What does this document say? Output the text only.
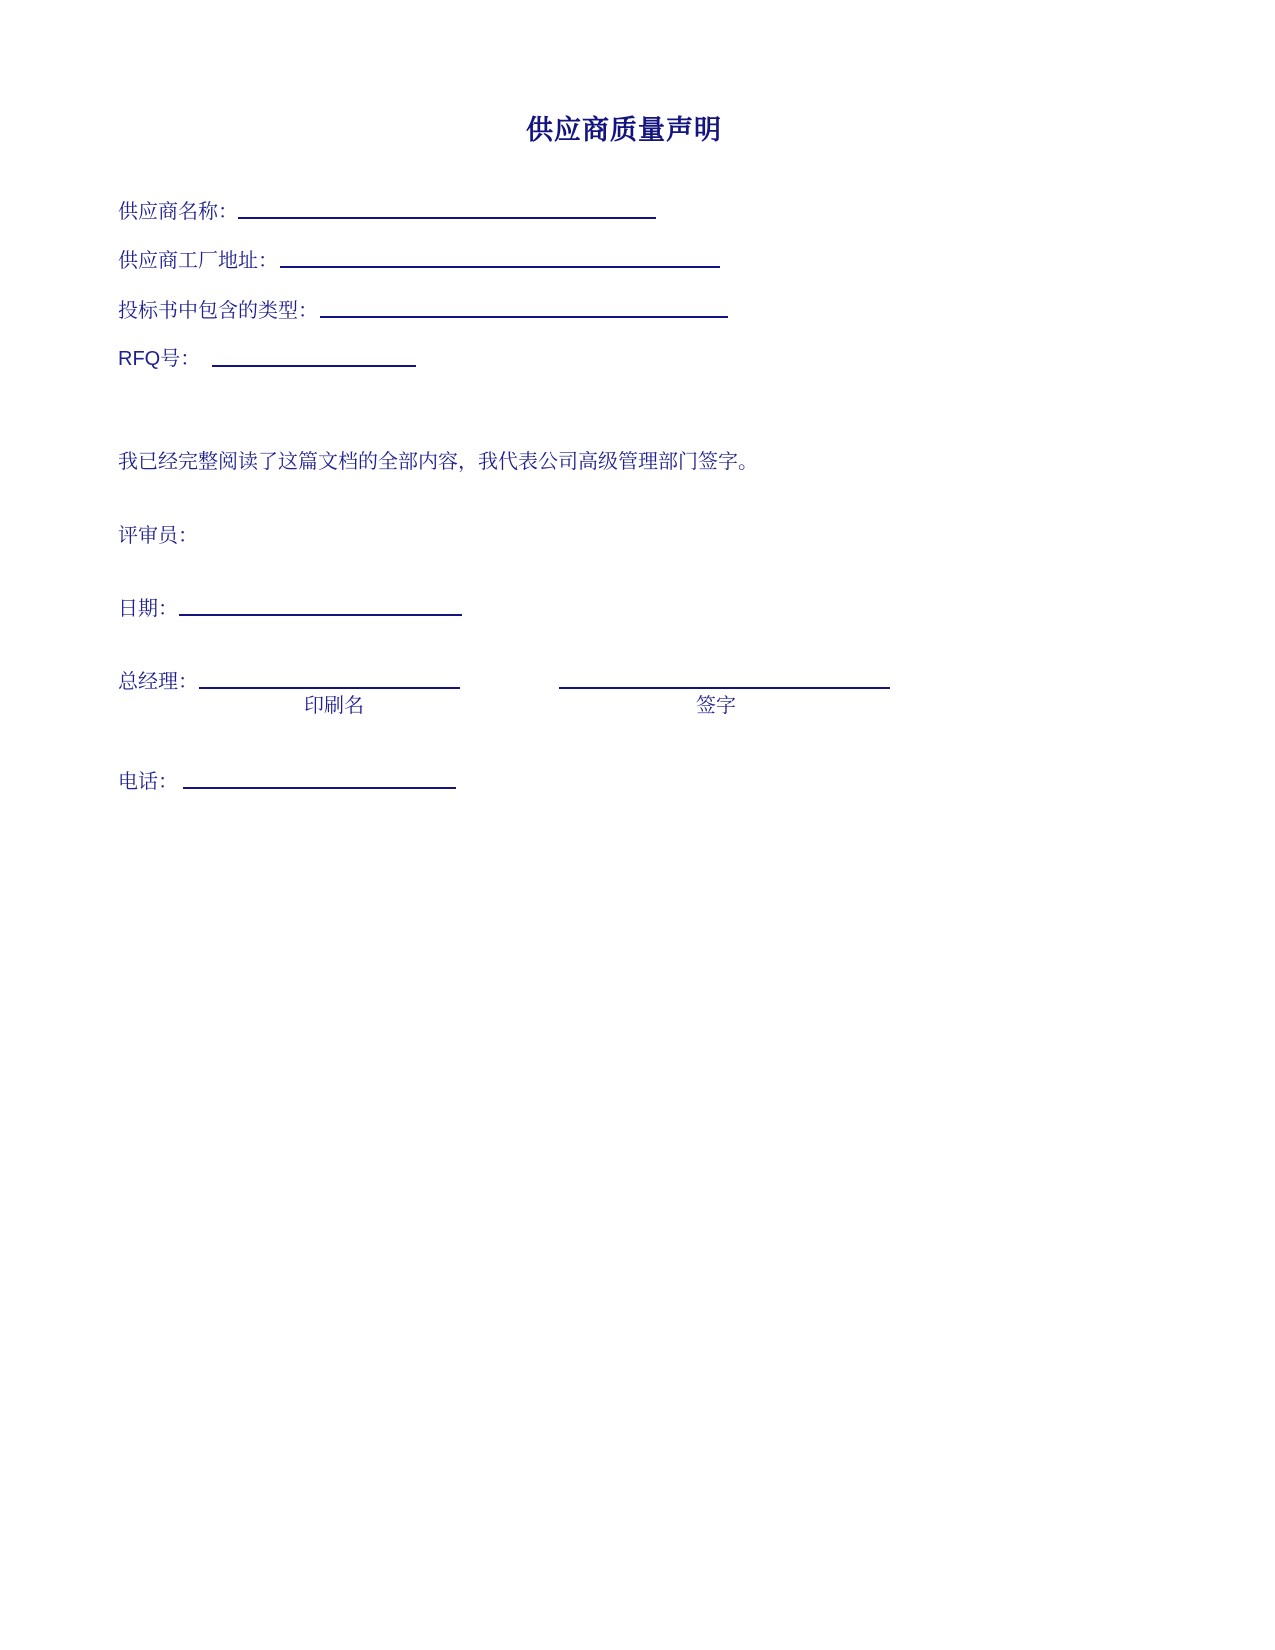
供应商质量声明
供应商名称：
供应商工厂地址：
投标书中包含的类型：
RFQ号：
我已经完整阅读了这篇文档的全部内容，我代表公司高级管理部门签字。
评审员：
日期：
总经理：
印刷名	签字
电话：
